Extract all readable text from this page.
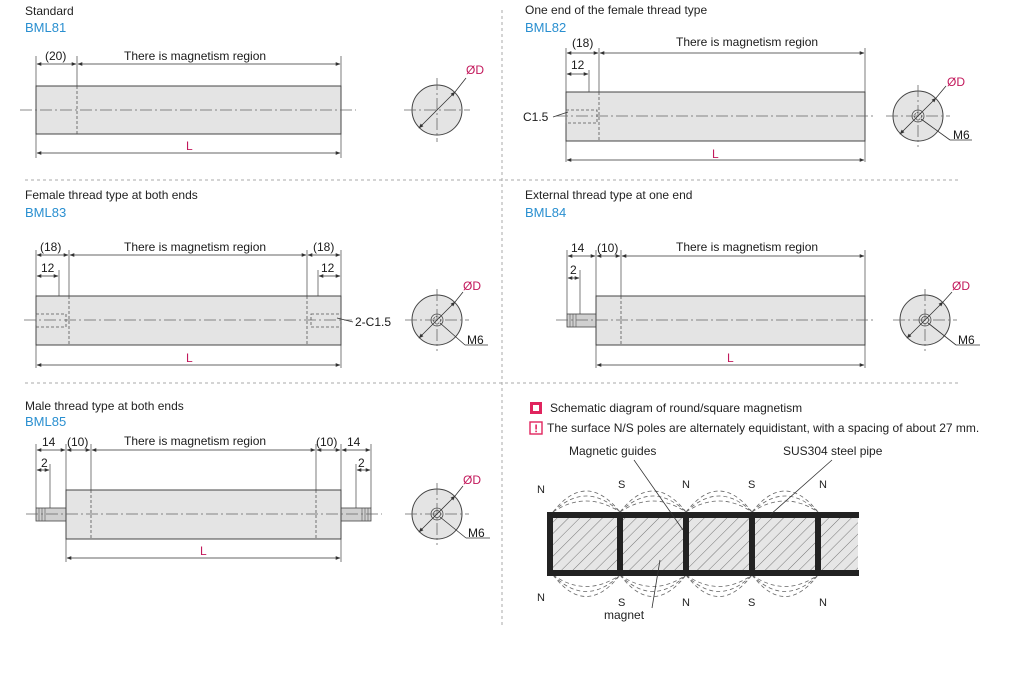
Standard
BML81
(20)	There is magnetism region
L
ØD
One end of the female thread type
BML82
(18)
12
There is magnetism region
C1.5
L
ØD
M6
Female thread type at both ends
BML83
(18)
12
(18)
12
There is magnetism region
2-C1.5
L
ØD
M6
External thread type at one end
BML84
14 (10)
2
There is magnetism region
L
ØD
M6
Male thread type at both ends
BML85
14 (10)
2
(10) 14
2
There is magnetism region
L
ØD
M6
Schematic diagram of round/square magnetism
The surface N/S poles are alternately equidistant, with a spacing of about 27 mm.
Magnetic guides	SUS304 steel pipe
N	S	N	S	N
N	S	N	S	N
magnet
